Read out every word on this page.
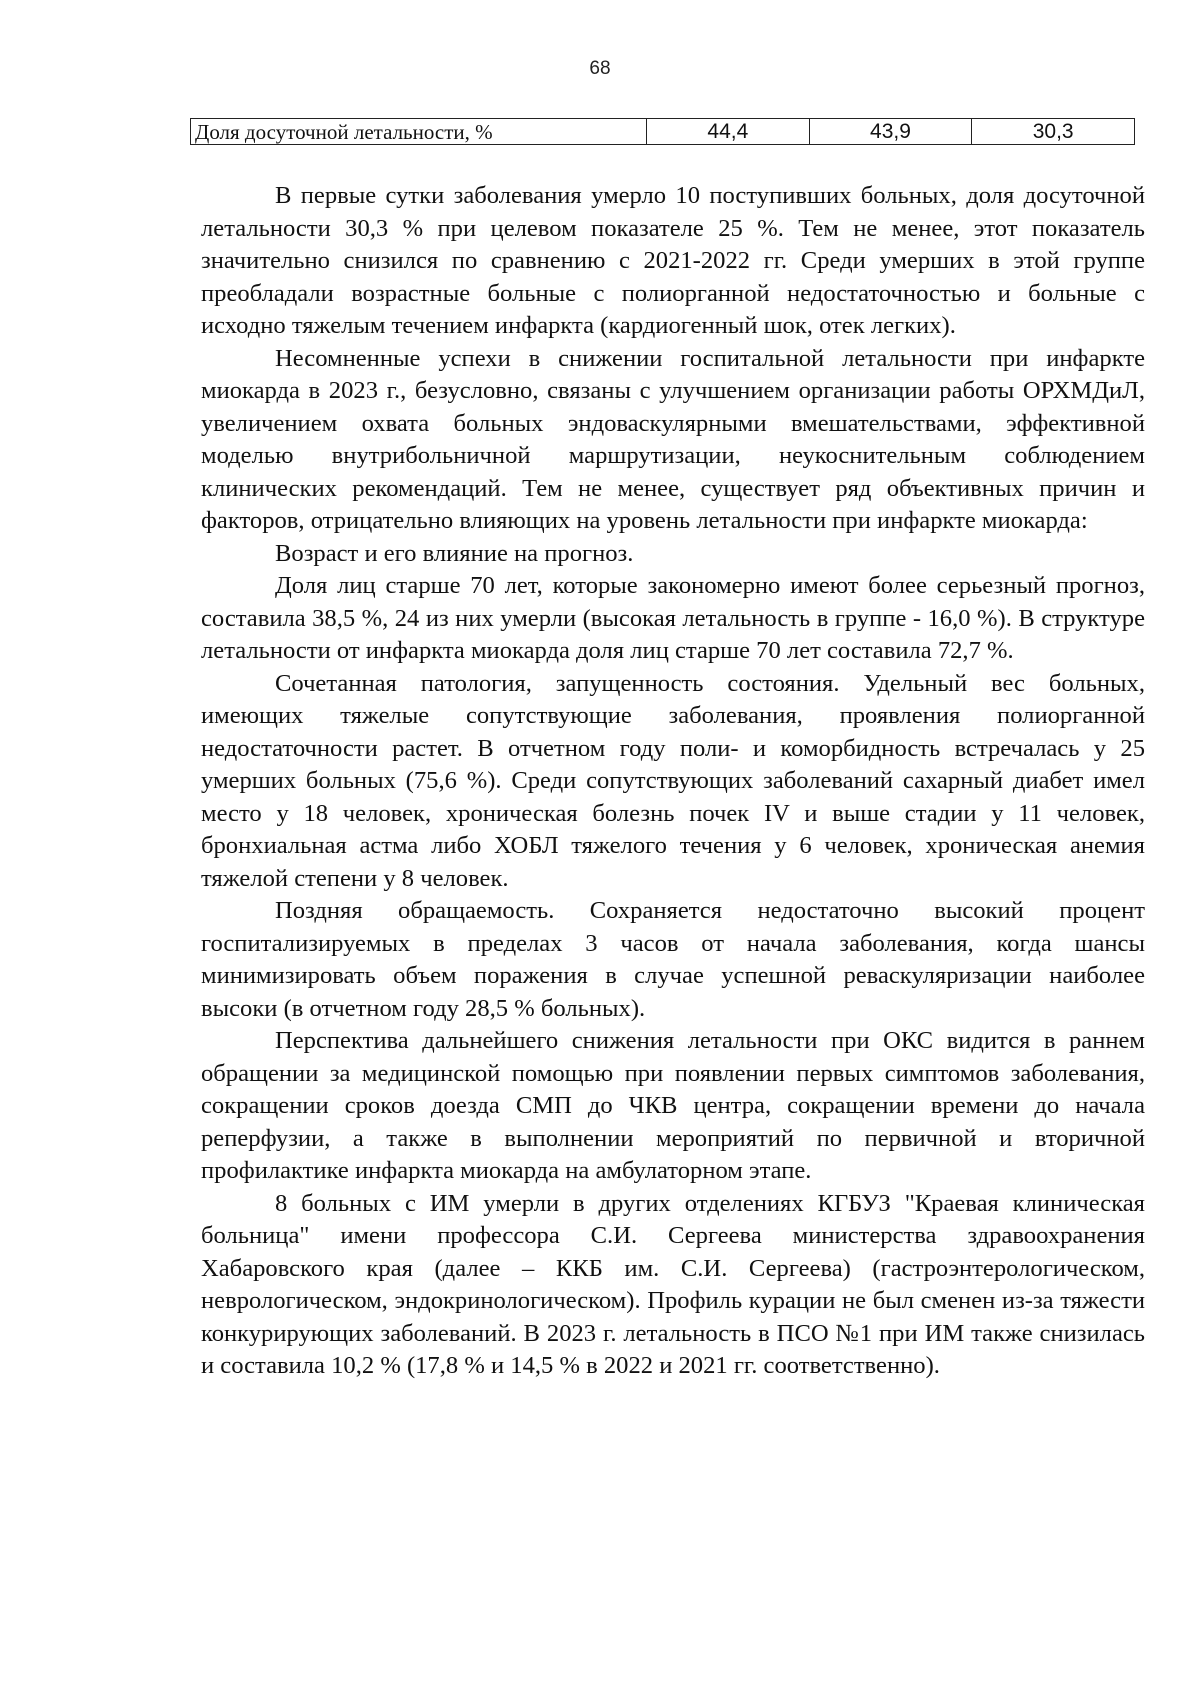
68
Доля досуточной летальности, %	44,4	43,9	30,3

В первые сутки заболевания умерло 10 поступивших больных, доля досуточной летальности 30,3 % при целевом показателе 25 %. Тем не менее, этот показатель значительно снизился по сравнению с 2021-2022 гг. Среди умерших в этой группе преобладали возрастные больные с полиорганной недостаточностью и больные с исходно тяжелым течением инфаркта (кардиогенный шок, отек легких).

Несомненные успехи в снижении госпитальной летальности при инфаркте миокарда в 2023 г., безусловно, связаны с улучшением организации работы ОРХМДиЛ, увеличением охвата больных эндоваскулярными вмешательствами, эффективной моделью внутрибольничной маршрутизации, неукоснительным соблюдением клинических рекомендаций. Тем не менее, существует ряд объективных причин и факторов, отрицательно влияющих на уровень летальности при инфаркте миокарда:

Возраст и его влияние на прогноз.

Доля лиц старше 70 лет, которые закономерно имеют более серьезный прогноз, составила 38,5 %, 24 из них умерли (высокая летальность в группе - 16,0 %). В структуре летальности от инфаркта миокарда доля лиц старше 70 лет составила 72,7 %.

Сочетанная патология, запущенность состояния. Удельный вес больных, имеющих тяжелые сопутствующие заболевания, проявления полиорганной недостаточности растет. В отчетном году поли- и коморбидность встречалась у 25 умерших больных (75,6 %). Среди сопутствующих заболеваний сахарный диабет имел место у 18 человек, хроническая болезнь почек IV и выше стадии у 11 человек, бронхиальная астма либо ХОБЛ тяжелого течения у 6 человек, хроническая анемия тяжелой степени у 8 человек.

Поздняя обращаемость. Сохраняется недостаточно высокий процент госпитализируемых в пределах 3 часов от начала заболевания, когда шансы минимизировать объем поражения в случае успешной реваскуляризации наиболее высоки (в отчетном году 28,5 % больных).

Перспектива дальнейшего снижения летальности при ОКС видится в раннем обращении за медицинской помощью при появлении первых симптомов заболевания, сокращении сроков доезда СМП до ЧКВ центра, сокращении времени до начала реперфузии, а также в выполнении мероприятий по первичной и вторичной профилактике инфаркта миокарда на амбулаторном этапе.

8 больных с ИМ умерли в других отделениях КГБУЗ "Краевая клиническая больница" имени профессора С.И. Сергеева министерства здравоохранения Хабаровского края (далее – ККБ им. С.И. Сергеева) (гастроэнтерологическом, неврологическом, эндокринологическом). Профиль курации не был сменен из-за тяжести конкурирующих заболеваний. В 2023 г. летальность в ПСО №1 при ИМ также снизилась и составила 10,2 % (17,8 % и 14,5 % в 2022 и 2021 гг. соответственно).
